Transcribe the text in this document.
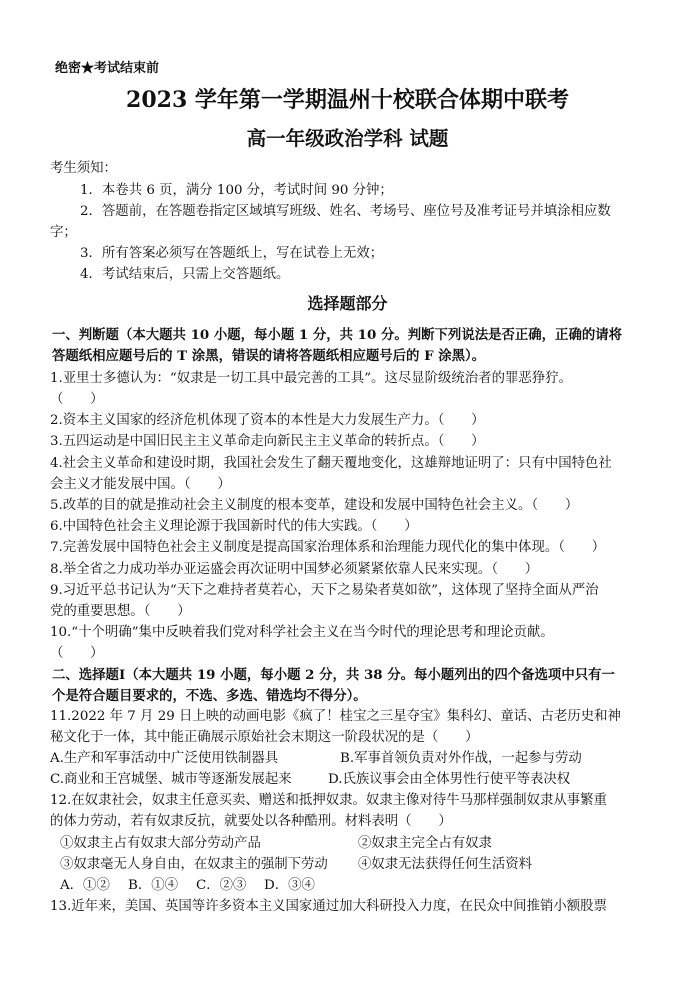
绝密★考试结束前
2023 学年第一学期温州十校联合体期中联考
高一年级政治学科 试题
考生须知：
1．本卷共 6 页，满分 100 分，考试时间 90 分钟；
2．答题前，在答题卷指定区域填写班级、姓名、考场号、座位号及准考证号并填涂相应数
字；
3．所有答案必须写在答题纸上，写在试卷上无效；
4．考试结束后，只需上交答题纸。
选择题部分
一、判断题（本大题共 10 小题，每小题 1 分，共 10 分。判断下列说法是否正确，正确的请将
答题纸相应题号后的 T 涂黑，错误的请将答题纸相应题号后的 F 涂黑）。
1.亚里士多德认为：“奴隶是一切工具中最完善的工具”。这尽显阶级统治者的罪恶狰狞。
（　　）
2.资本主义国家的经济危机体现了资本的本性是大力发展生产力。（　　）
3.五四运动是中国旧民主主义革命走向新民主主义革命的转折点。（　　）
4.社会主义革命和建设时期，我国社会发生了翻天覆地变化，这雄辩地证明了：只有中国特色社
会主义才能发展中国。（　　）
5.改革的目的就是推动社会主义制度的根本变革，建设和发展中国特色社会主义。（　　）
6.中国特色社会主义理论源于我国新时代的伟大实践。（　　）
7.完善发展中国特色社会主义制度是提高国家治理体系和治理能力现代化的集中体现。（　　）
8.举全省之力成功举办亚运盛会再次证明中国梦必须紧紧依靠人民来实现。（　　）
9.习近平总书记认为“天下之难持者莫若心，天下之易染者莫如欲”，这体现了坚持全面从严治
党的重要思想。（　　）
10.“十个明确”集中反映着我们党对科学社会主义在当今时代的理论思考和理论贡献。
（　　）
二、选择题Ⅰ（本大题共 19 小题，每小题 2 分，共 38 分。每小题列出的四个备选项中只有一
个是符合题目要求的，不选、多选、错选均不得分）。
11.2022 年 7 月 29 日上映的动画电影《疯了！桂宝之三星夺宝》集科幻、童话、古老历史和神
秘文化于一体，其中能正确展示原始社会末期这一阶段状况的是（　　）
A.生产和军事活动中广泛使用铁制器具	B.军事首领负责对外作战，一起参与劳动
C.商业和王宫城堡、城市等逐渐发展起来	D.氏族议事会由全体男性行使平等表决权
12.在奴隶社会，奴隶主任意买卖、赠送和抵押奴隶。奴隶主像对待牛马那样强制奴隶从事繁重
的体力劳动，若有奴隶反抗，就要处以各种酷刑。材料表明（　　）
①奴隶主占有奴隶大部分劳动产品	②奴隶主完全占有奴隶
③奴隶毫无人身自由，在奴隶主的强制下劳动 ④奴隶无法获得任何生活资料
A．①② B．①④ C．②③ D．③④
13.近年来，美国、英国等许多资本主义国家通过加大科研投入力度，在民众中间推销小额股票
